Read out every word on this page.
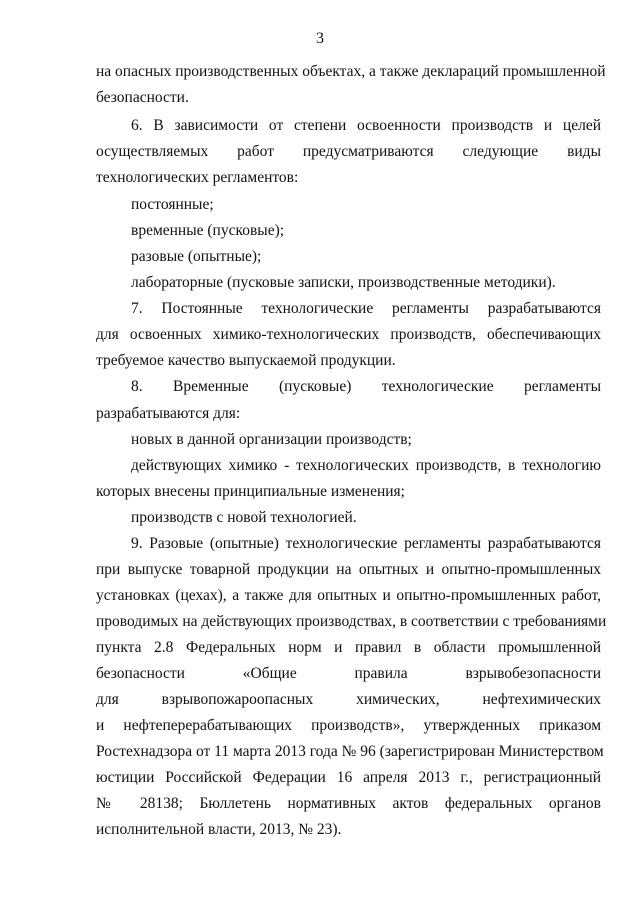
3
на опасных производственных объектах, а также деклараций промышленной
безопасности.
6. В зависимости от степени освоенности производств и целей
осуществляемых работ предусматриваются следующие виды
технологических регламентов:
постоянные;
временные (пусковые);
разовые (опытные);
лабораторные (пусковые записки, производственные методики).
7. Постоянные технологические регламенты разрабатываются
для освоенных химико-технологических производств, обеспечивающих
требуемое качество выпускаемой продукции.
8. Временные (пусковые) технологические регламенты
разрабатываются для:
новых в данной организации производств;
действующих химико - технологических производств, в технологию
которых внесены принципиальные изменения;
производств с новой технологией.
9. Разовые (опытные) технологические регламенты разрабатываются
при выпуске товарной продукции на опытных и опытно-промышленных
установках (цехах), а также для опытных и опытно-промышленных работ,
проводимых на действующих производствах, в соответствии с требованиями
пункта 2.8 Федеральных норм и правил в области промышленной
безопасности «Общие правила взрывобезопасности
для взрывопожароопасных химических, нефтехимических
и нефтеперерабатывающих производств», утвержденных приказом
Ростехнадзора от 11 марта 2013 года № 96 (зарегистрирован Министерством
юстиции Российской Федерации 16 апреля 2013 г., регистрационный
№ 28138; Бюллетень нормативных актов федеральных органов
исполнительной власти, 2013, № 23).
